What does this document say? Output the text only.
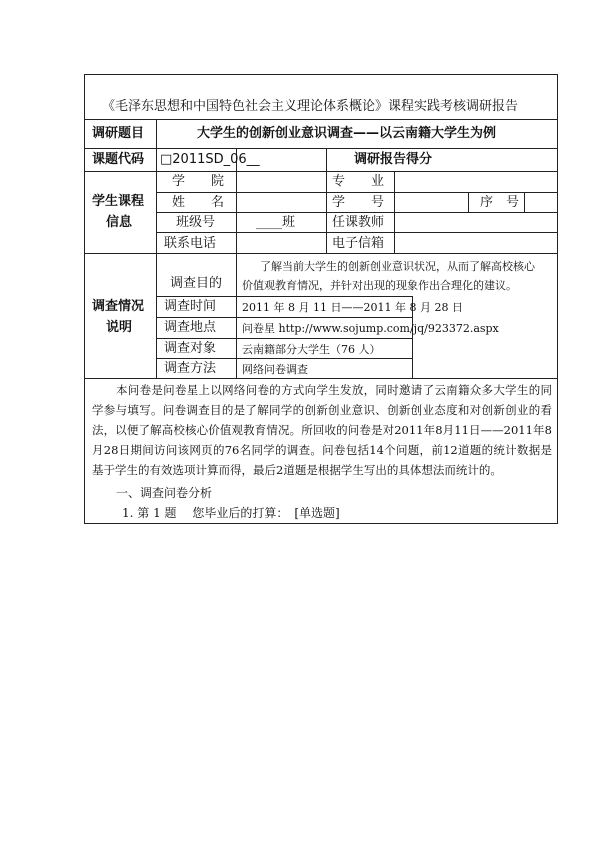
《毛泽东思想和中国特色社会主义理论体系概论》课程实践考核调研报告
调研题目	大学生的创新创业意识调查——以云南籍大学生为例
课题代码 □2011SD_06__	调研报告得分
学生课程
信息
学　　院	专　　业
姓　　名	学　　号	序　号
班级号	____班	任课教师
联系电话	电子信箱
调查情况
说明
调查目的
了解当前大学生的创新创业意识状况，从而了解高校核心
价值观教育情况，并针对出现的现象作出合理化的建议。
调查时间 2011 年 8 月 11 日——2011 年 8 月 28 日
调查地点 问卷星 http://www.sojump.com/jq/923372.aspx
调查对象 云南籍部分大学生（76 人）
调查方法 网络问卷调查
本问卷是问卷星上以网络问卷的方式向学生发放，同时邀请了云南籍众多大学生的同学参与填写。问卷调查目的是了解同学的创新创业意识、创新创业态度和对创新创业的看法，以便了解高校核心价值观教育情况。所回收的问卷是对2011年8月11日——2011年8月28日期间访问该网页的76名同学的调查。问卷包括14个问题，前12道题的统计数据是基于学生的有效选项计算而得，最后2道题是根据学生写出的具体想法而统计的。
一、调查问卷分析
1. 第 1 题　 您毕业后的打算：　[单选题]
